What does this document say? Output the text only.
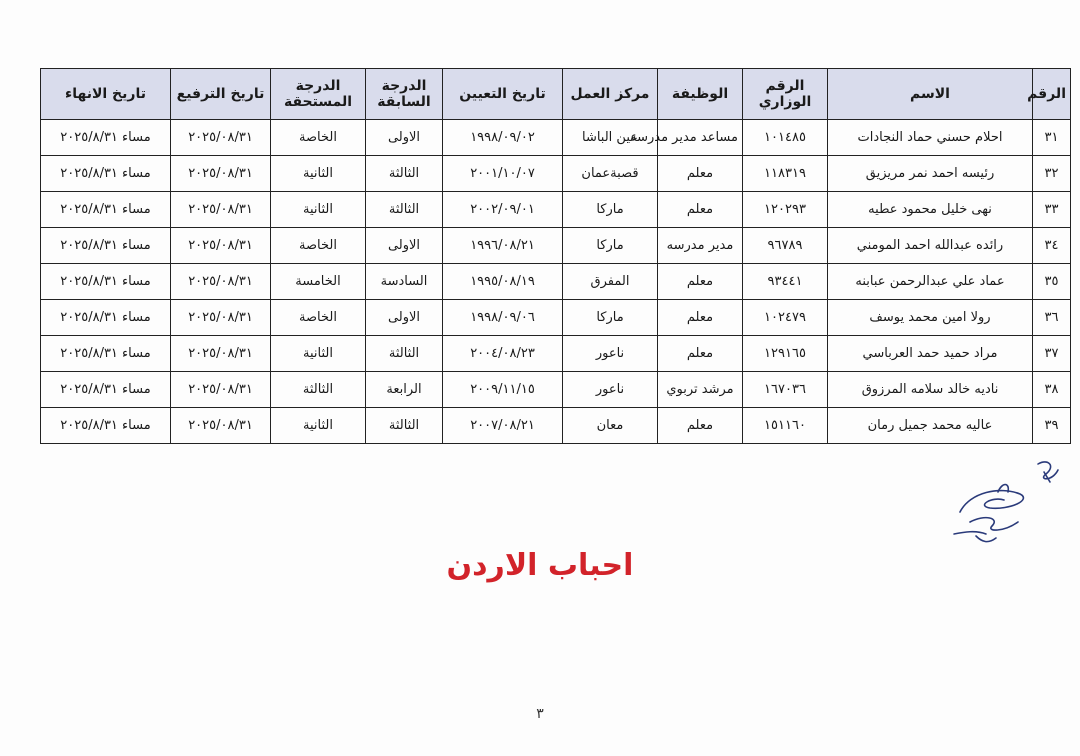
الرقم	الاسم	الرقم الوزاري	الوظيفة	مركز العمل	تاريخ التعيين	الدرجة السابقة	الدرجة المستحقة	تاريخ الترفيع	تاريخ الانهاء
٣١	احلام حسني حماد النجادات	١٠١٤٨٥	مساعد مدير مدرسه	عين الباشا	١٩٩٨/٠٩/٠٢	الاولى	الخاصة	٢٠٢٥/٠٨/٣١	مساء ٢٠٢٥/٨/٣١
٣٢	رئيسه احمد نمر مريزيق	١١٨٣١٩	معلم	قصبةعمان	٢٠٠١/١٠/٠٧	الثالثة	الثانية	٢٠٢٥/٠٨/٣١	مساء ٢٠٢٥/٨/٣١
٣٣	نهى خليل محمود عطيه	١٢٠٢٩٣	معلم	ماركا	٢٠٠٢/٠٩/٠١	الثالثة	الثانية	٢٠٢٥/٠٨/٣١	مساء ٢٠٢٥/٨/٣١
٣٤	رائده عبدالله احمد المومني	٩٦٧٨٩	مدير مدرسه	ماركا	١٩٩٦/٠٨/٢١	الاولى	الخاصة	٢٠٢٥/٠٨/٣١	مساء ٢٠٢٥/٨/٣١
٣٥	عماد علي عبدالرحمن عبابنه	٩٣٤٤١	معلم	المفرق	١٩٩٥/٠٨/١٩	السادسة	الخامسة	٢٠٢٥/٠٨/٣١	مساء ٢٠٢٥/٨/٣١
٣٦	رولا امين محمد يوسف	١٠٢٤٧٩	معلم	ماركا	١٩٩٨/٠٩/٠٦	الاولى	الخاصة	٢٠٢٥/٠٨/٣١	مساء ٢٠٢٥/٨/٣١
٣٧	مراد حميد حمد العرباسي	١٢٩١٦٥	معلم	ناعور	٢٠٠٤/٠٨/٢٣	الثالثة	الثانية	٢٠٢٥/٠٨/٣١	مساء ٢٠٢٥/٨/٣١
٣٨	ناديه خالد سلامه المرزوق	١٦٧٠٣٦	مرشد تربوي	ناعور	٢٠٠٩/١١/١٥	الرابعة	الثالثة	٢٠٢٥/٠٨/٣١	مساء ٢٠٢٥/٨/٣١
٣٩	عاليه محمد جميل رمان	١٥١١٦٠	معلم	معان	٢٠٠٧/٠٨/٢١	الثالثة	الثانية	٢٠٢٥/٠٨/٣١	مساء ٢٠٢٥/٨/٣١
احباب الاردن
٣
